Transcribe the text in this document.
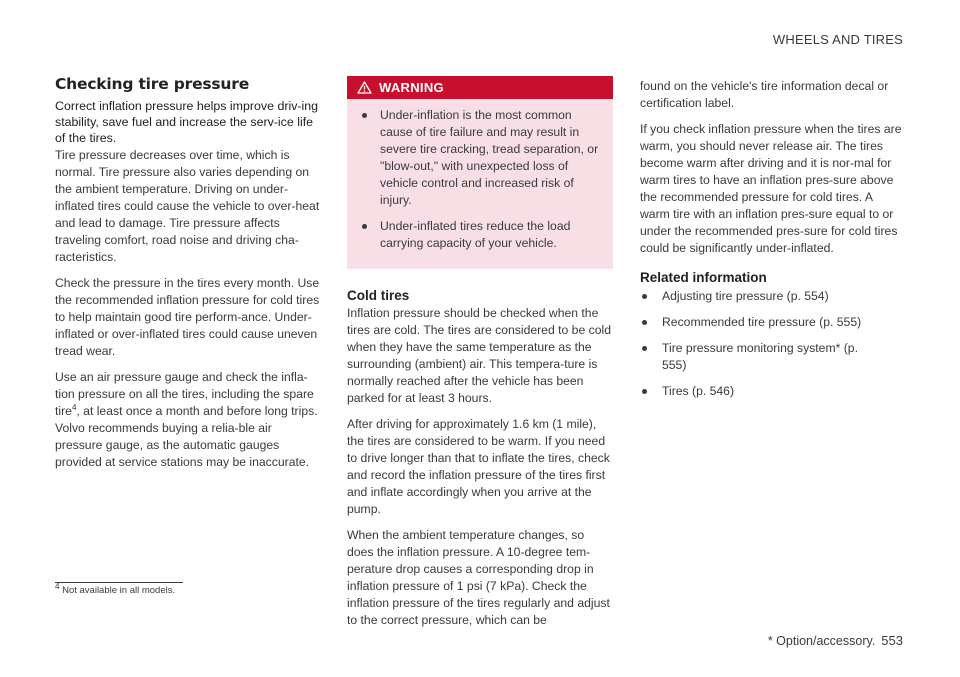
WHEELS AND TIRES
Checking tire pressure

Correct inflation pressure helps improve driv-ing stability, save fuel and increase the serv-ice life of the tires.

Tire pressure decreases over time, which is normal. Tire pressure also varies depending on the ambient temperature. Driving on under-inflated tires could cause the vehicle to over-heat and lead to damage. Tire pressure affects traveling comfort, road noise and driving cha-racteristics.

Check the pressure in the tires every month. Use the recommended inflation pressure for cold tires to help maintain good tire perform-ance. Under-inflated or over-inflated tires could cause uneven tread wear.

Use an air pressure gauge and check the infla-tion pressure on all the tires, including the spare tire$^4$, at least once a month and before long trips. Volvo recommends buying a relia-ble air pressure gauge, as the automatic gauges provided at service stations may be inaccurate.

WARNING
Under-inflation is the most common cause of tire failure and may result in severe tire cracking, tread separation, or "blow-out," with unexpected loss of vehicle control and increased risk of injury.
Under-inflated tires reduce the load carrying capacity of your vehicle.
Cold tires

Inflation pressure should be checked when the tires are cold. The tires are considered to be cold when they have the same temperature as the surrounding (ambient) air. This tempera-ture is normally reached after the vehicle has been parked for at least 3 hours.

After driving for approximately 1.6 km (1 mile), the tires are considered to be warm. If you need to drive longer than that to inflate the tires, check and record the inflation pressure of the tires first and inflate accordingly when you arrive at the pump.

When the ambient temperature changes, so does the inflation pressure. A 10-degree tem-perature drop causes a corresponding drop in inflation pressure of 1 psi (7 kPa). Check the inflation pressure of the tires regularly and adjust to the correct pressure, which can be

found on the vehicle's tire information decal or certification label.

If you check inflation pressure when the tires are warm, you should never release air. The tires become warm after driving and it is nor-mal for warm tires to have an inflation pres-sure above the recommended pressure for cold tires. A warm tire with an inflation pres-sure equal to or under the recommended pres-sure for cold tires could be significantly under-inflated.

Related information
Adjusting tire pressure (p. 554)
Recommended tire pressure (p. 555)
Tire pressure monitoring system* (p. 555)
Tires (p. 546)
$^4$ Not available in all models.
* Option/accessory. 553
